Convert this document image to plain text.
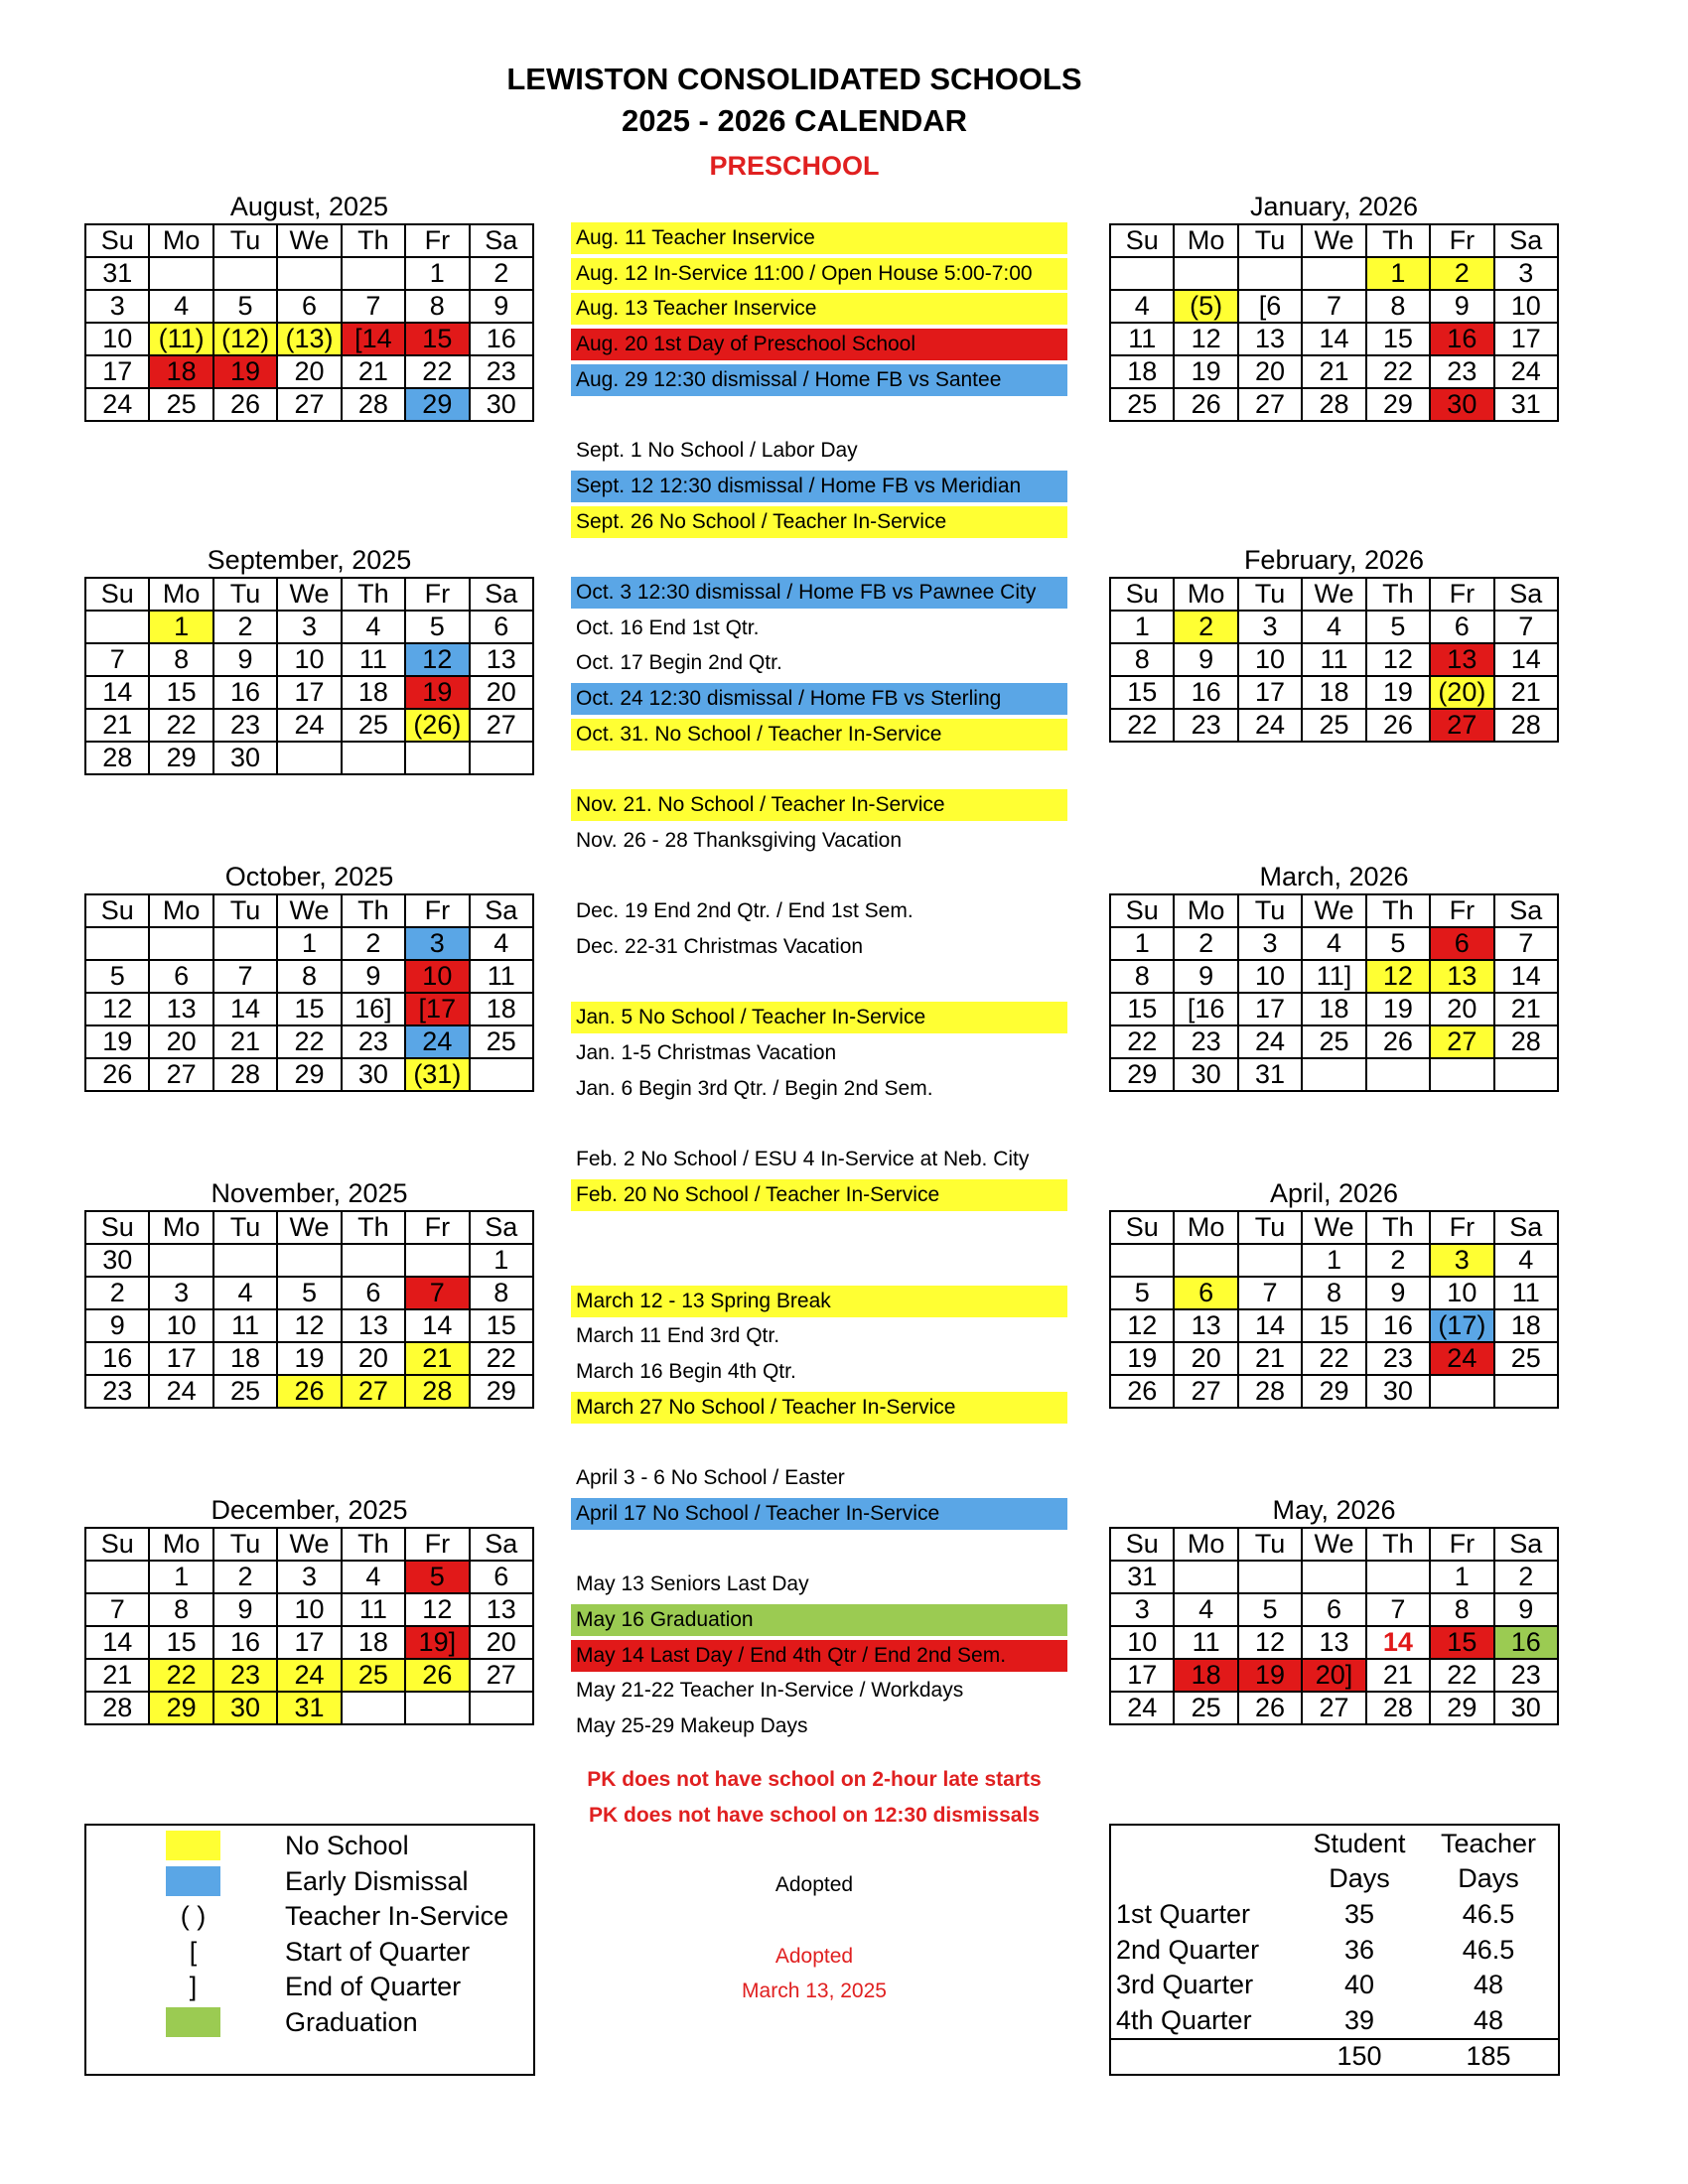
LEWISTON CONSOLIDATED SCHOOLS
2025 - 2026 CALENDAR
PRESCHOOL
August, 2025
Su	Mo	Tu	We	Th	Fr	Sa
31					1	2
3	4	5	6	7	8	9
10	(11)	(12)	(13)	[14	15	16
17	18	19	20	21	22	23
24	25	26	27	28	29	30
January, 2026
Su	Mo	Tu	We	Th	Fr	Sa
				1	2	3
4	(5)	[6	7	8	9	10
11	12	13	14	15	16	17
18	19	20	21	22	23	24
25	26	27	28	29	30	31
September, 2025
Su	Mo	Tu	We	Th	Fr	Sa
	1	2	3	4	5	6
7	8	9	10	11	12	13
14	15	16	17	18	19	20
21	22	23	24	25	(26)	27
28	29	30				
February, 2026
Su	Mo	Tu	We	Th	Fr	Sa
1	2	3	4	5	6	7
8	9	10	11	12	13	14
15	16	17	18	19	(20)	21
22	23	24	25	26	27	28
October, 2025
Su	Mo	Tu	We	Th	Fr	Sa
			1	2	3	4
5	6	7	8	9	10	11
12	13	14	15	16]	[17	18
19	20	21	22	23	24	25
26	27	28	29	30	(31)	
March, 2026
Su	Mo	Tu	We	Th	Fr	Sa
1	2	3	4	5	6	7
8	9	10	11]	12	13	14
15	[16	17	18	19	20	21
22	23	24	25	26	27	28
29	30	31				
November, 2025
Su	Mo	Tu	We	Th	Fr	Sa
30						1
2	3	4	5	6	7	8
9	10	11	12	13	14	15
16	17	18	19	20	21	22
23	24	25	26	27	28	29
April, 2026
Su	Mo	Tu	We	Th	Fr	Sa
			1	2	3	4
5	6	7	8	9	10	11
12	13	14	15	16	(17)	18
19	20	21	22	23	24	25
26	27	28	29	30		
December, 2025
Su	Mo	Tu	We	Th	Fr	Sa
	1	2	3	4	5	6
7	8	9	10	11	12	13
14	15	16	17	18	19]	20
21	22	23	24	25	26	27
28	29	30	31			
May, 2026
Su	Mo	Tu	We	Th	Fr	Sa
31					1	2
3	4	5	6	7	8	9
10	11	12	13	14	15	16
17	18	19	20]	21	22	23
24	25	26	27	28	29	30
Aug. 11 Teacher Inservice
Aug. 12 In-Service 11:00 / Open House 5:00-7:00
Aug. 13 Teacher Inservice
Aug. 20 1st Day of Preschool School
Aug. 29 12:30 dismissal / Home FB vs Santee
Sept. 1 No School / Labor Day
Sept. 12 12:30 dismissal / Home FB vs Meridian
Sept. 26 No School / Teacher In-Service
Oct. 3 12:30 dismissal / Home FB vs Pawnee City
Oct. 16 End 1st Qtr.
Oct. 17 Begin 2nd Qtr.
Oct. 24 12:30 dismissal / Home FB vs Sterling
Oct. 31. No School / Teacher In-Service
Nov. 21. No School / Teacher In-Service
Nov. 26 - 28 Thanksgiving Vacation
Dec. 19 End 2nd Qtr. / End 1st Sem.
Dec. 22-31 Christmas Vacation
Jan. 5 No School / Teacher In-Service
Jan. 1-5 Christmas Vacation
Jan. 6 Begin 3rd Qtr. / Begin 2nd Sem.
Feb. 2 No School / ESU 4 In-Service at Neb. City
Feb. 20 No School / Teacher In-Service
March 12 - 13 Spring Break
March 11 End 3rd Qtr.
March 16 Begin 4th Qtr.
March 27 No School / Teacher In-Service
April 3 - 6 No School / Easter
April 17 No School / Teacher In-Service
May 13 Seniors Last Day
May 16 Graduation
May 14 Last Day / End 4th Qtr / End 2nd Sem.
May 21-22 Teacher In-Service / Workdays
May 25-29 Makeup Days
No School
Early Dismissal
( )	Teacher In-Service
[	Start of Quarter
]	End of Quarter
Graduation
PK does not have school on 2-hour late starts
PK does not have school on 12:30 dismissals
Adopted
Adopted
March 13, 2025
Student	Teacher
Days	Days
1st Quarter	35	46.5
2nd Quarter	36	46.5
3rd Quarter	40	48
4th Quarter	39	48
150	185
